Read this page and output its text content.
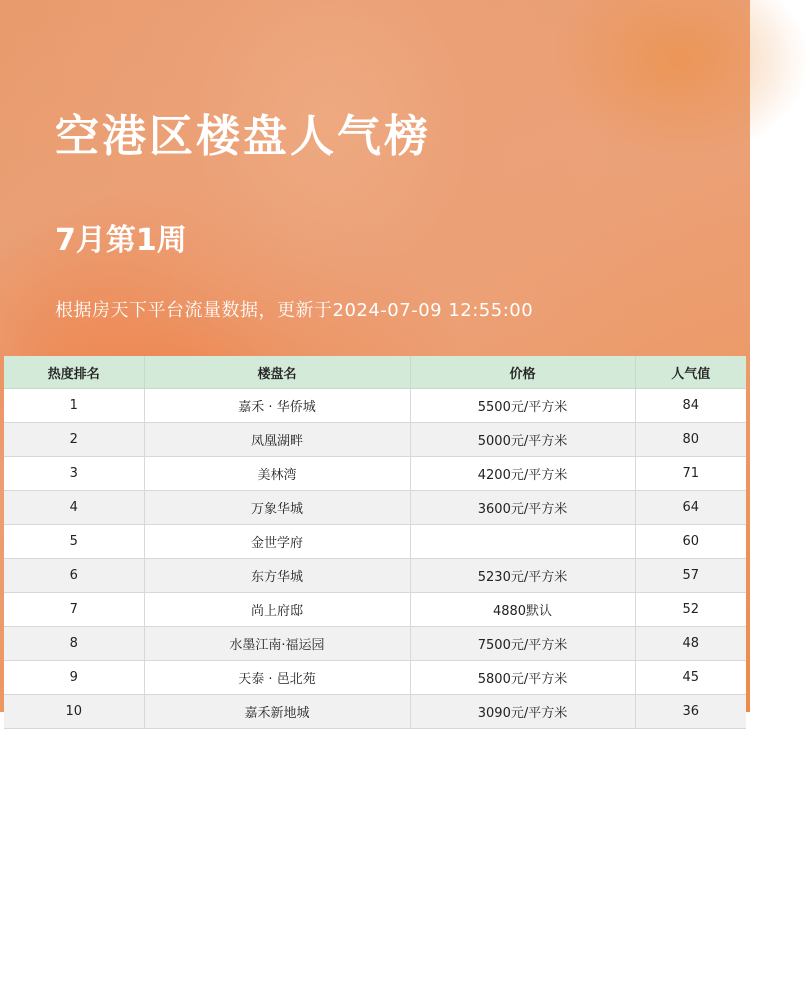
空港区楼盘人气榜
7月第1周
根据房天下平台流量数据，更新于2024-07-09 12:55:00
热度排名	楼盘名	价格	人气值
1	嘉禾 · 华侨城	5500元/平方米	84
2	凤凰湖畔	5000元/平方米	80
3	美林湾	4200元/平方米	71
4	万象华城	3600元/平方米	64
5	金世学府		60
6	东方华城	5230元/平方米	57
7	尚上府邸	4880默认	52
8	水墨江南·福运园	7500元/平方米	48
9	天泰 · 邑北苑	5800元/平方米	45
10	嘉禾新地城	3090元/平方米	36
